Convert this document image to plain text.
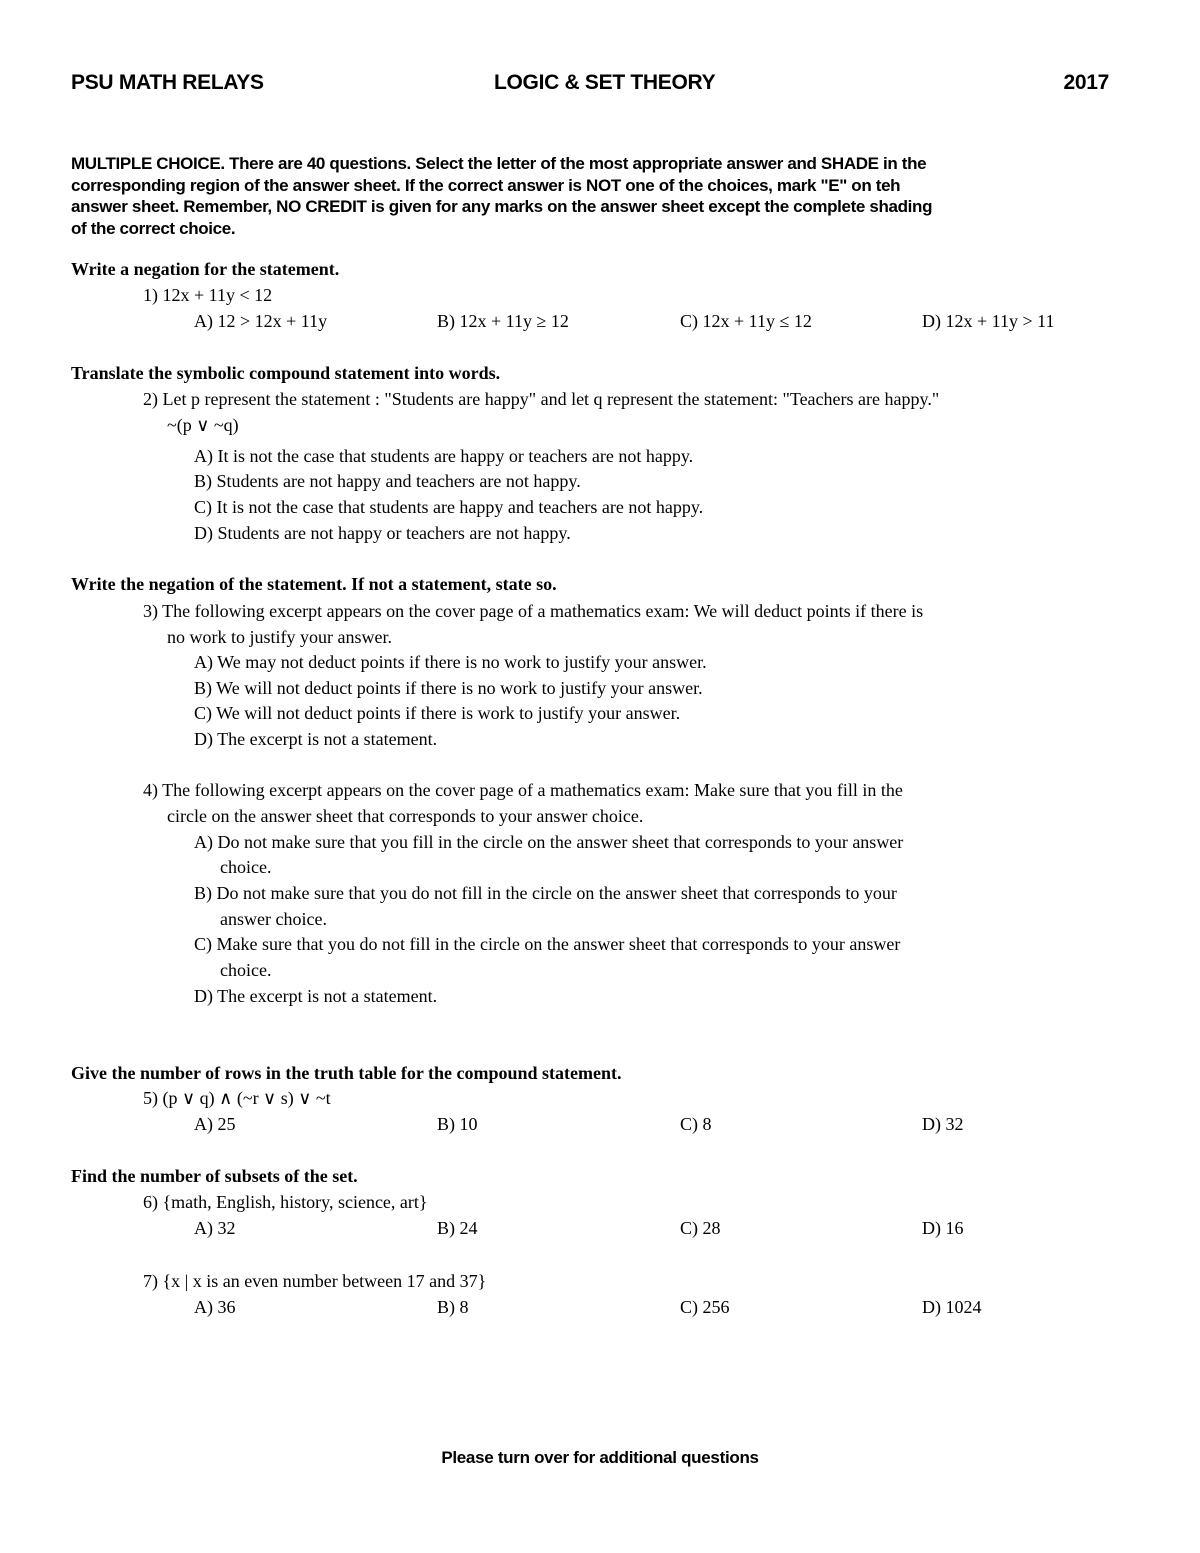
PSU MATH RELAYS	LOGIC & SET THEORY	2017
MULTIPLE CHOICE. There are 40 questions. Select the letter of the most appropriate answer and SHADE in the
corresponding region of the answer sheet. If the correct answer is NOT one of the choices, mark "E" on teh
answer sheet. Remember, NO CREDIT is given for any marks on the answer sheet except the complete shading
of the correct choice.
Write a negation for the statement.
1) 12x + 11y < 12
A) 12 > 12x + 11y	B) 12x + 11y ≥ 12	C) 12x + 11y ≤ 12	D) 12x + 11y > 11
Translate the symbolic compound statement into words.
2) Let p represent the statement : "Students are happy" and let q represent the statement: "Teachers are happy."
~(p ∨ ~q)
A) It is not the case that students are happy or teachers are not happy.
B) Students are not happy and teachers are not happy.
C) It is not the case that students are happy and teachers are not happy.
D) Students are not happy or teachers are not happy.
Write the negation of the statement. If not a statement, state so.
3) The following excerpt appears on the cover page of a mathematics exam: We will deduct points if there is
no work to justify your answer.
A) We may not deduct points if there is no work to justify your answer.
B) We will not deduct points if there is no work to justify your answer.
C) We will not deduct points if there is work to justify your answer.
D) The excerpt is not a statement.
4) The following excerpt appears on the cover page of a mathematics exam: Make sure that you fill in the
circle on the answer sheet that corresponds to your answer choice.
A) Do not make sure that you fill in the circle on the answer sheet that corresponds to your answer
choice.
B) Do not make sure that you do not fill in the circle on the answer sheet that corresponds to your
answer choice.
C) Make sure that you do not fill in the circle on the answer sheet that corresponds to your answer
choice.
D) The excerpt is not a statement.
Give the number of rows in the truth table for the compound statement.
5) (p ∨ q) ∧ (~r ∨ s) ∨ ~t
A) 25	B) 10	C) 8	D) 32
Find the number of subsets of the set.
6) {math, English, history, science, art}
A) 32	B) 24	C) 28	D) 16
7) {x | x is an even number between 17 and 37}
A) 36	B) 8	C) 256	D) 1024
Please turn over for additional questions
